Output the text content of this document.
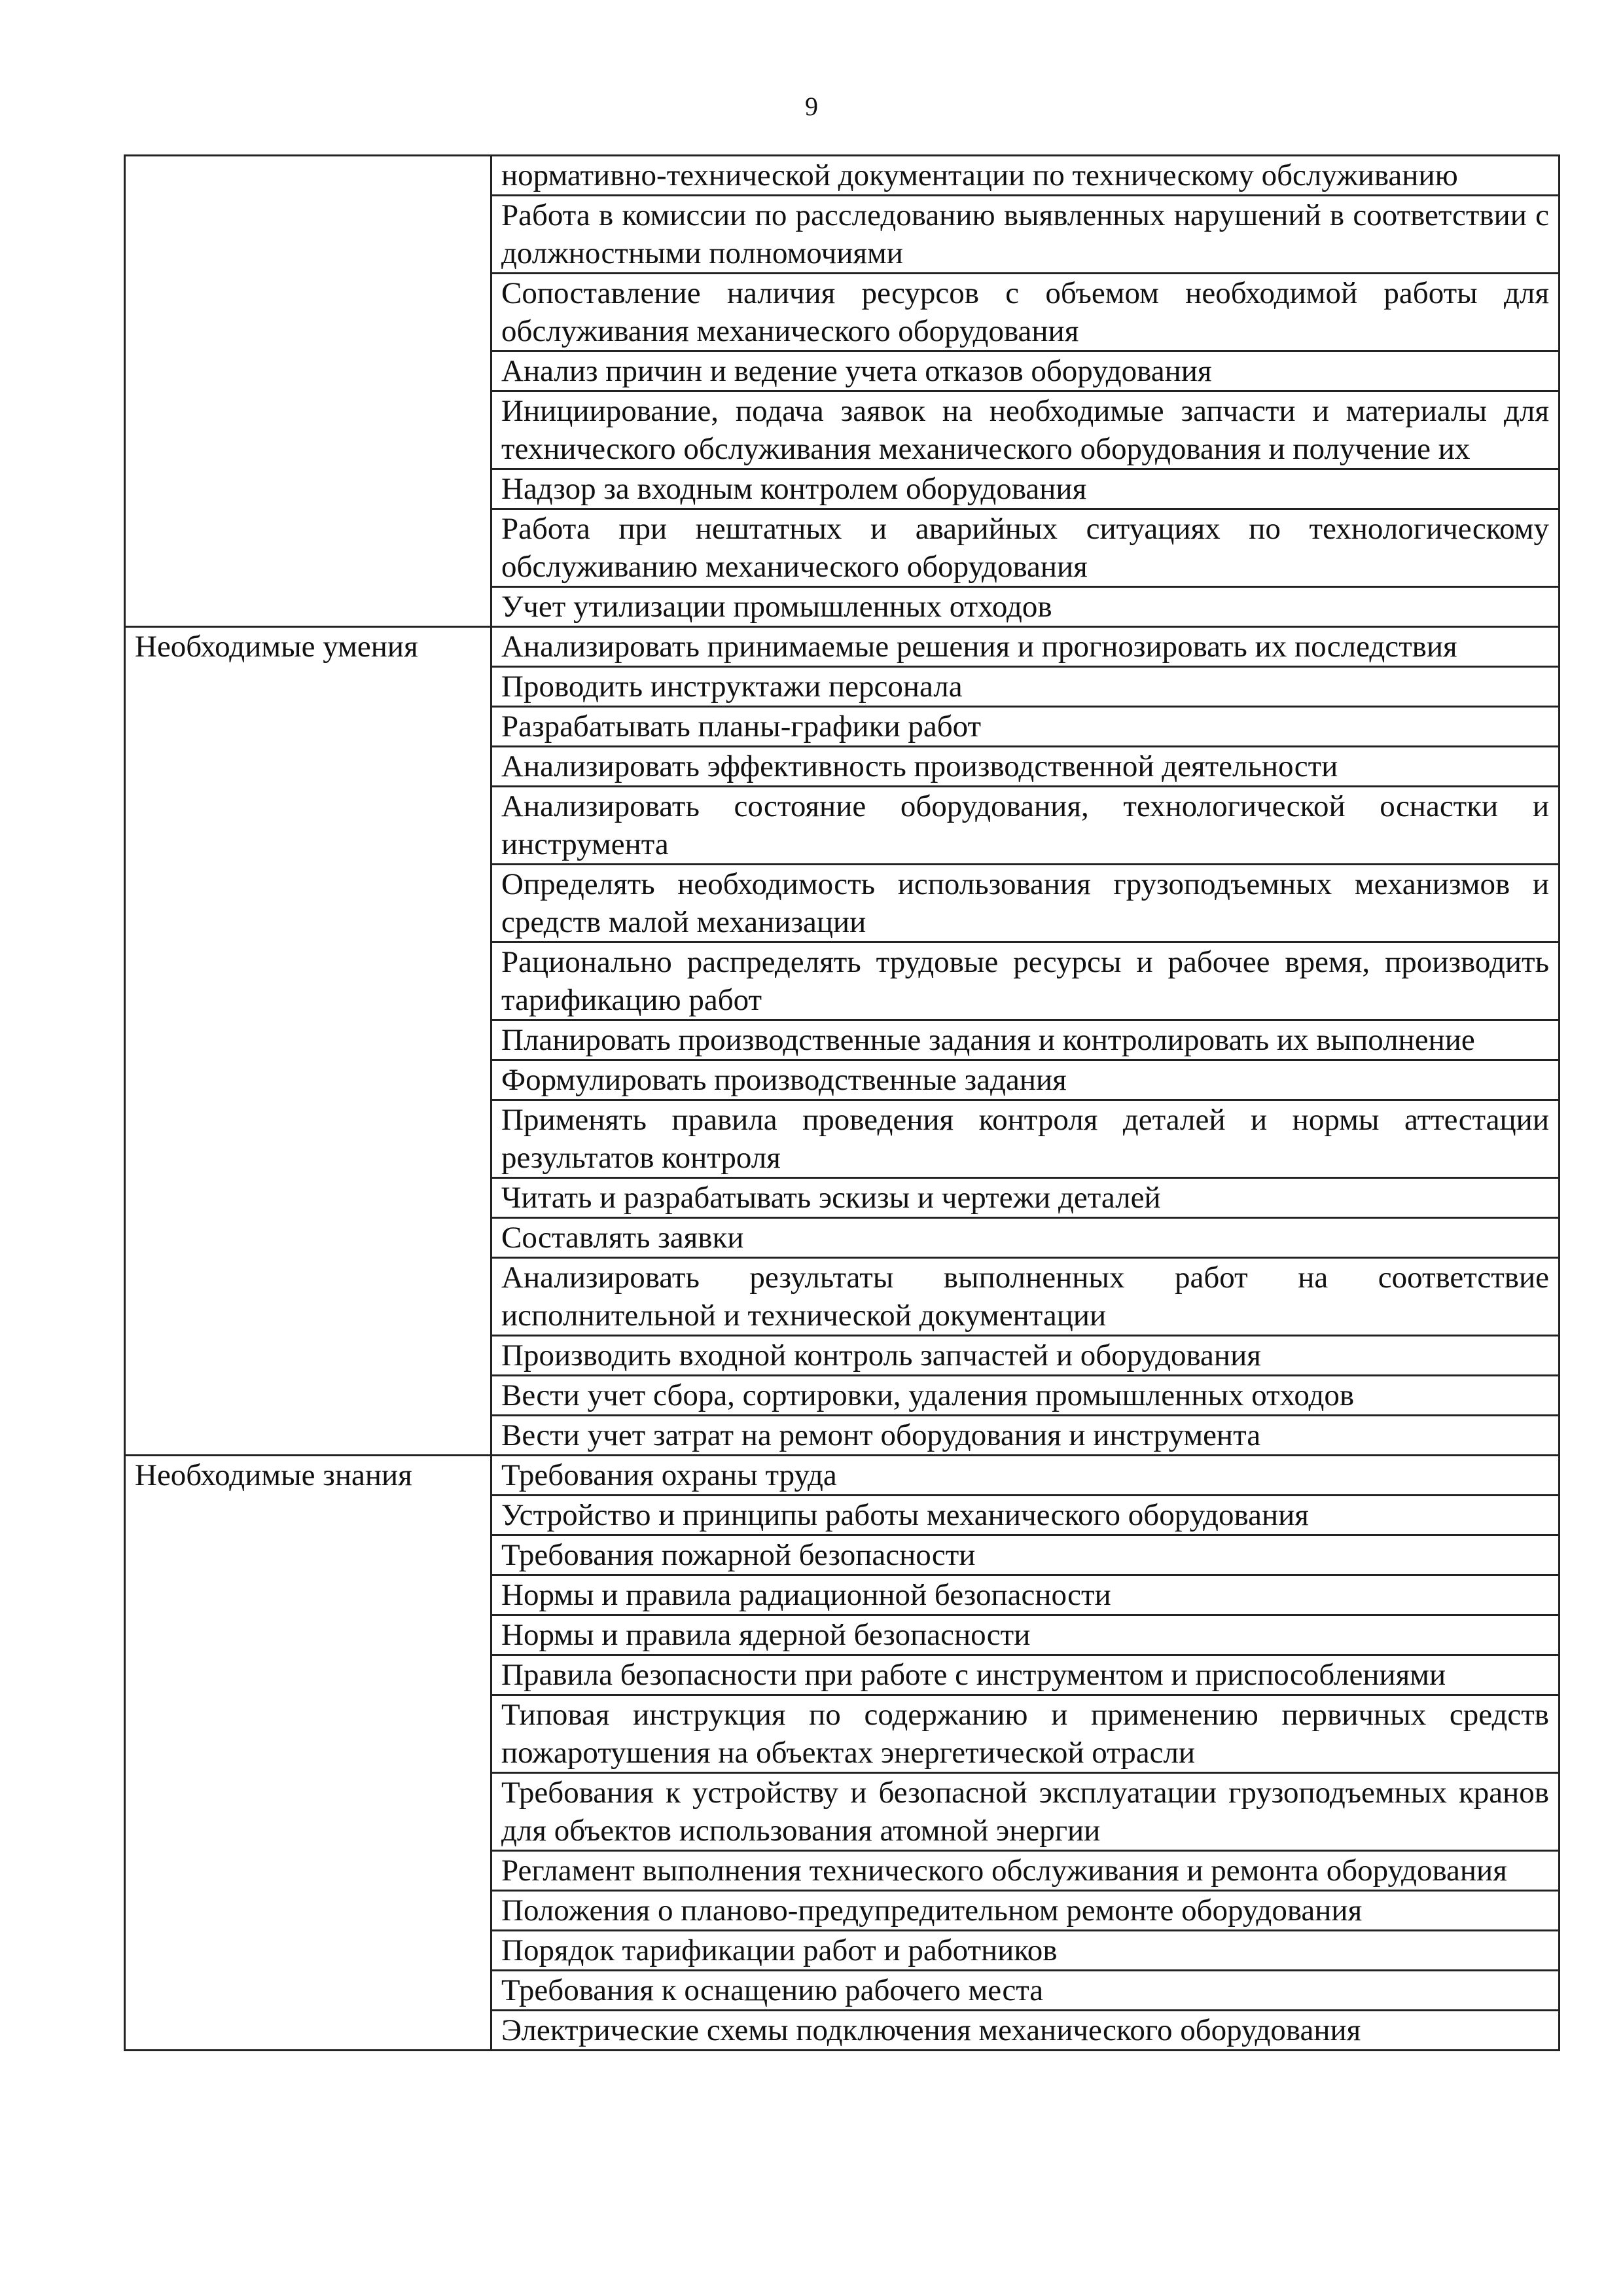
9
	нормативно-технической документации по техническому обслуживанию
	Работа в комиссии по расследованию выявленных нарушений в соответствии с должностными полномочиями
	Сопоставление наличия ресурсов с объемом необходимой работы для обслуживания механического оборудования
	Анализ причин и ведение учета отказов оборудования
	Инициирование, подача заявок на необходимые запчасти и материалы для технического обслуживания механического оборудования и получение их
	Надзор за входным контролем оборудования
	Работа при нештатных и аварийных ситуациях по технологическому обслуживанию механического оборудования
	Учет утилизации промышленных отходов
Необходимые умения	Анализировать принимаемые решения и прогнозировать их последствия
	Проводить инструктажи персонала
	Разрабатывать планы-графики работ
	Анализировать эффективность производственной деятельности
	Анализировать состояние оборудования, технологической оснастки и инструмента
	Определять необходимость использования грузоподъемных механизмов и средств малой механизации
	Рационально распределять трудовые ресурсы и рабочее время, производить тарификацию работ
	Планировать производственные задания и контролировать их выполнение
	Формулировать производственные задания
	Применять правила проведения контроля деталей и нормы аттестации результатов контроля
	Читать и разрабатывать эскизы и чертежи деталей
	Составлять заявки
	Анализировать результаты выполненных работ на соответствие исполнительной и технической документации
	Производить входной контроль запчастей и оборудования
	Вести учет сбора, сортировки, удаления промышленных отходов
	Вести учет затрат на ремонт оборудования и инструмента
Необходимые знания	Требования охраны труда
	Устройство и принципы работы механического оборудования
	Требования пожарной безопасности
	Нормы и правила радиационной безопасности
	Нормы и правила ядерной безопасности
	Правила безопасности при работе с инструментом и приспособлениями
	Типовая инструкция по содержанию и применению первичных средств пожаротушения на объектах энергетической отрасли
	Требования к устройству и безопасной эксплуатации грузоподъемных кранов для объектов использования атомной энергии
	Регламент выполнения технического обслуживания и ремонта оборудования
	Положения о планово-предупредительном ремонте оборудования
	Порядок тарификации работ и работников
	Требования к оснащению рабочего места
	Электрические схемы подключения механического оборудования
